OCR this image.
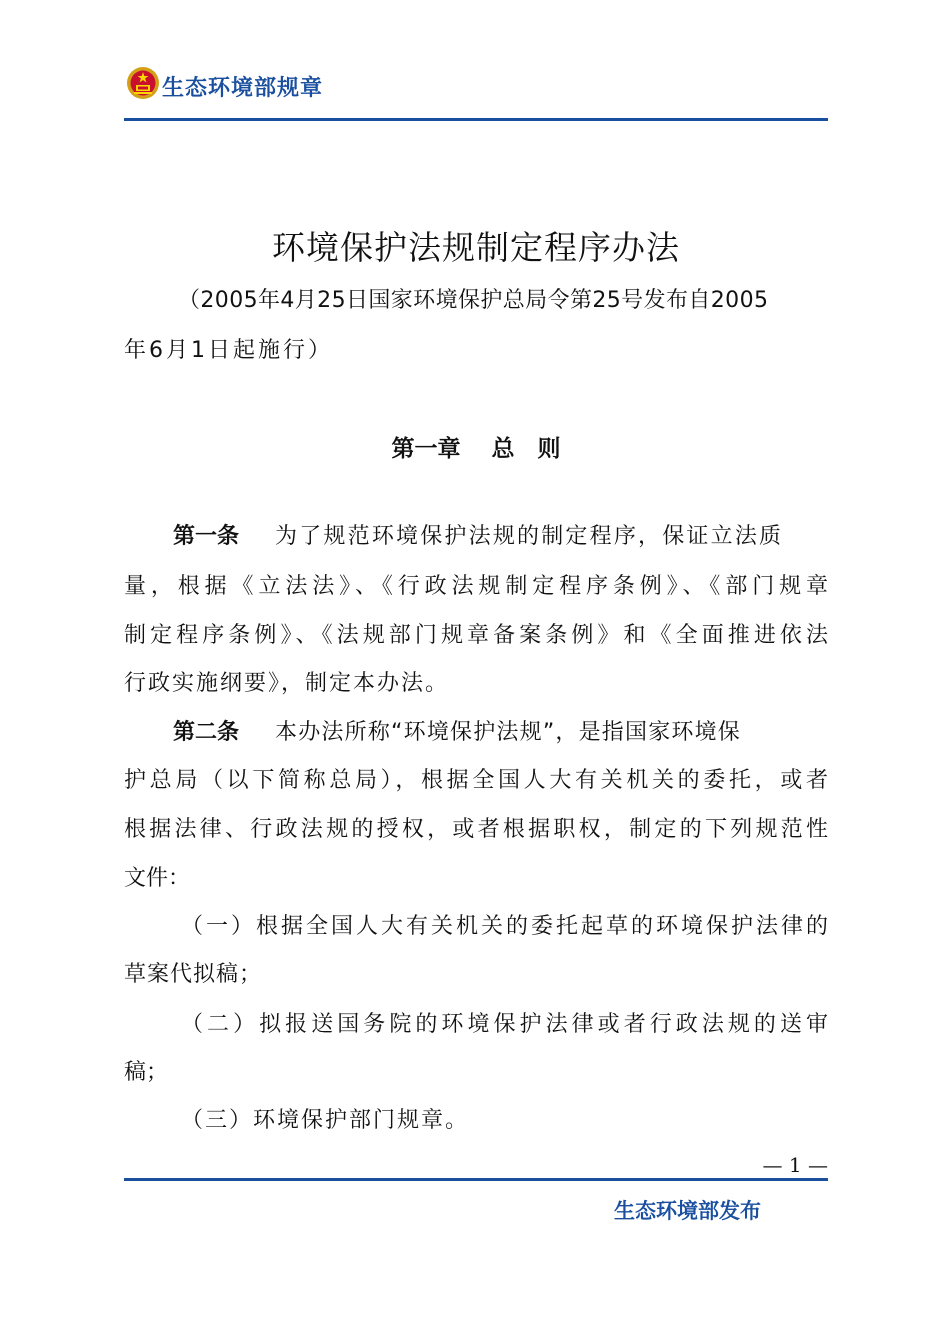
生态环境部规章
环境保护法规制定程序办法
（2005年4月25日国家环境保护总局令第25号发布自2005
年6月1日起施行）
第一章　 总　则
第一条 为了规范环境保护法规的制定程序，保证立法质
量，根据《立法法》、《行政法规制定程序条例》、《部门规章
制定程序条例》、《法规部门规章备案条例》和《全面推进依法
行政实施纲要》，制定本办法。
第二条 本办法所称“环境保护法规”，是指国家环境保
护总局（以下简称总局），根据全国人大有关机关的委托，或者
根据法律、行政法规的授权，或者根据职权，制定的下列规范性
文件：
（一）根据全国人大有关机关的委托起草的环境保护法律的
草案代拟稿；
（二）拟报送国务院的环境保护法律或者行政法规的送审
稿；
（三）环境保护部门规章。
— 1 —
生态环境部发布
